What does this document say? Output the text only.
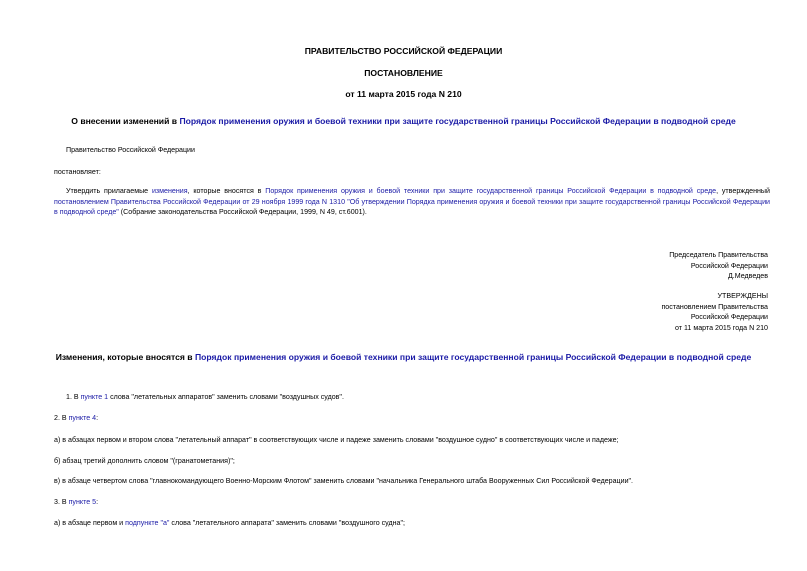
ПРАВИТЕЛЬСТВО РОССИЙСКОЙ ФЕДЕРАЦИИ
ПОСТАНОВЛЕНИЕ
от 11 марта 2015 года N 210
О внесении изменений в Порядок применения оружия и боевой техники при защите государственной границы Российской Федерации в подводной среде
Правительство Российской Федерации
постановляет:
Утвердить прилагаемые изменения, которые вносятся в Порядок применения оружия и боевой техники при защите государственной границы Российской Федерации в подводной среде, утвержденный постановлением Правительства Российской Федерации от 29 ноября 1999 года N 1310 "Об утверждении Порядка применения оружия и боевой техники при защите государственной границы Российской Федерации в подводной среде" (Собрание законодательства Российской Федерации, 1999, N 49, ст.6001).
Председатель Правительства
Российской Федерации
Д.Медведев
УТВЕРЖДЕНЫ
постановлением Правительства
Российской Федерации
от 11 марта 2015 года N 210
Изменения, которые вносятся в Порядок применения оружия и боевой техники при защите государственной границы Российской Федерации в подводной среде
1. В пункте 1 слова "летательных аппаратов" заменить словами "воздушных судов".
2. В пункте 4:
а) в абзацах первом и втором слова "летательный аппарат" в соответствующих числе и падеже заменить словами "воздушное судно" в соответствующих числе и падеже;
б) абзац третий дополнить словом "(гранатометания)";
в) в абзаце четвертом слова "главнокомандующего Военно-Морским Флотом" заменить словами "начальника Генерального штаба Вооруженных Сил Российской Федерации".
3. В пункте 5:
а) в абзаце первом и подпункте "а" слова "летательного аппарата" заменить словами "воздушного судна";
